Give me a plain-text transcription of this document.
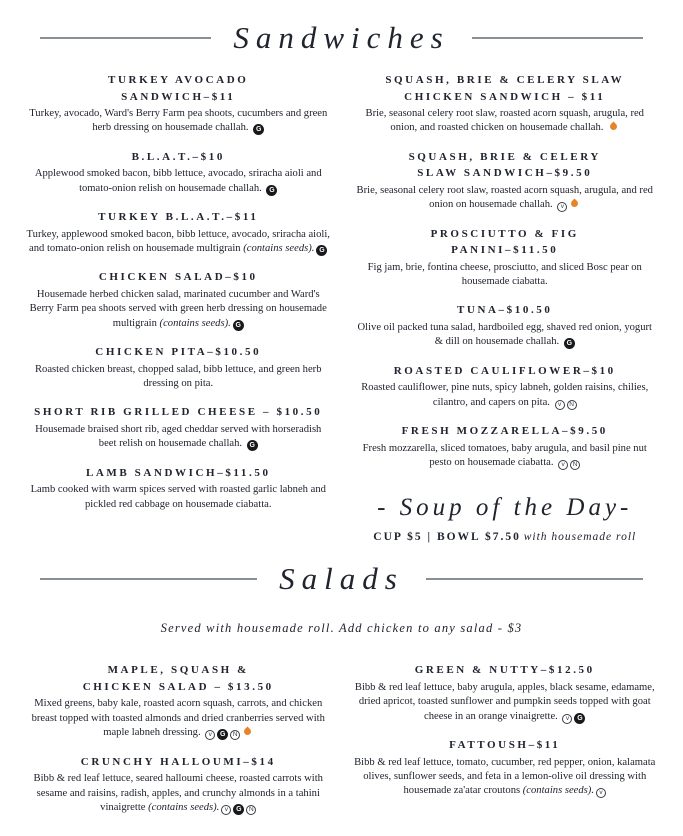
Sandwiches
TURKEY AVOCADO
SANDWICH–$11

Turkey, avocado, Ward's Berry Farm pea shoots, cucumbers and green herb dressing on housemade challah. G

B.L.A.T.–$10

Applewood smoked bacon, bibb lettuce, avocado, sriracha aioli and tomato-onion relish on housemade challah. G

TURKEY B.L.A.T.–$11

Turkey, applewood smoked bacon, bibb lettuce, avocado, sriracha aioli, and tomato-onion relish on housemade multigrain (contains seeds). G

CHICKEN SALAD–$10

Housemade herbed chicken salad, marinated cucumber and Ward's Berry Farm pea shoots served with green herb dressing on housemade multigrain (contains seeds). G

CHICKEN PITA–$10.50

Roasted chicken breast, chopped salad, bibb lettuce, and green herb dressing on pita.

SHORT RIB GRILLED CHEESE – $10.50

Housemade braised short rib, aged cheddar served with horseradish beet relish on housemade challah. G

LAMB SANDWICH–$11.50

Lamb cooked with warm spices served with roasted garlic labneh and pickled red cabbage on housemade ciabatta.

SQUASH, BRIE & CELERY SLAW
CHICKEN SANDWICH – $11

Brie, seasonal celery root slaw, roasted acorn squash, arugula, red onion, and roasted chicken on housemade challah.

SQUASH, BRIE & CELERY
SLAW SANDWICH–$9.50

Brie, seasonal celery root slaw, roasted acorn squash, arugula, and red onion on housemade challah. v

PROSCIUTTO & FIG
PANINI–$11.50

Fig jam, brie, fontina cheese, prosciutto, and sliced Bosc pear on housemade ciabatta.

TUNA–$10.50

Olive oil packed tuna salad, hardboiled egg, shaved red onion, yogurt & dill on housemade challah. G

ROASTED CAULIFLOWER–$10

Roasted cauliflower, pine nuts, spicy labneh, golden raisins, chilies, cilantro, and capers on pita. v N

FRESH MOZZARELLA–$9.50

Fresh mozzarella, sliced tomatoes, baby arugula, and basil pine nut pesto on housemade ciabatta. v N

- Soup of the Day-
CUP $5 | BOWL $7.50 with housemade roll
Salads

Served with housemade roll. Add chicken to any salad - $3

MAPLE, SQUASH &
CHICKEN SALAD – $13.50

Mixed greens, baby kale, roasted acorn squash, carrots, and chicken breast topped with toasted almonds and dried cranberries served with maple labneh dressing. v G N

CRUNCHY HALLOUMI–$14

Bibb & red leaf lettuce, seared halloumi cheese, roasted carrots with sesame and raisins, radish, apples, and crunchy almonds in a tahini vinaigrette (contains seeds). v G N

GREEN & NUTTY–$12.50

Bibb & red leaf lettuce, baby arugula, apples, black sesame, edamame, dried apricot, toasted sunflower and pumpkin seeds topped with goat cheese in an orange vinaigrette. v G

FATTOUSH–$11

Bibb & red leaf lettuce, tomato, cucumber, red pepper, onion, kalamata olives, sunflower seeds, and feta in a lemon-olive oil dressing with housemade za'atar croutons (contains seeds). v
